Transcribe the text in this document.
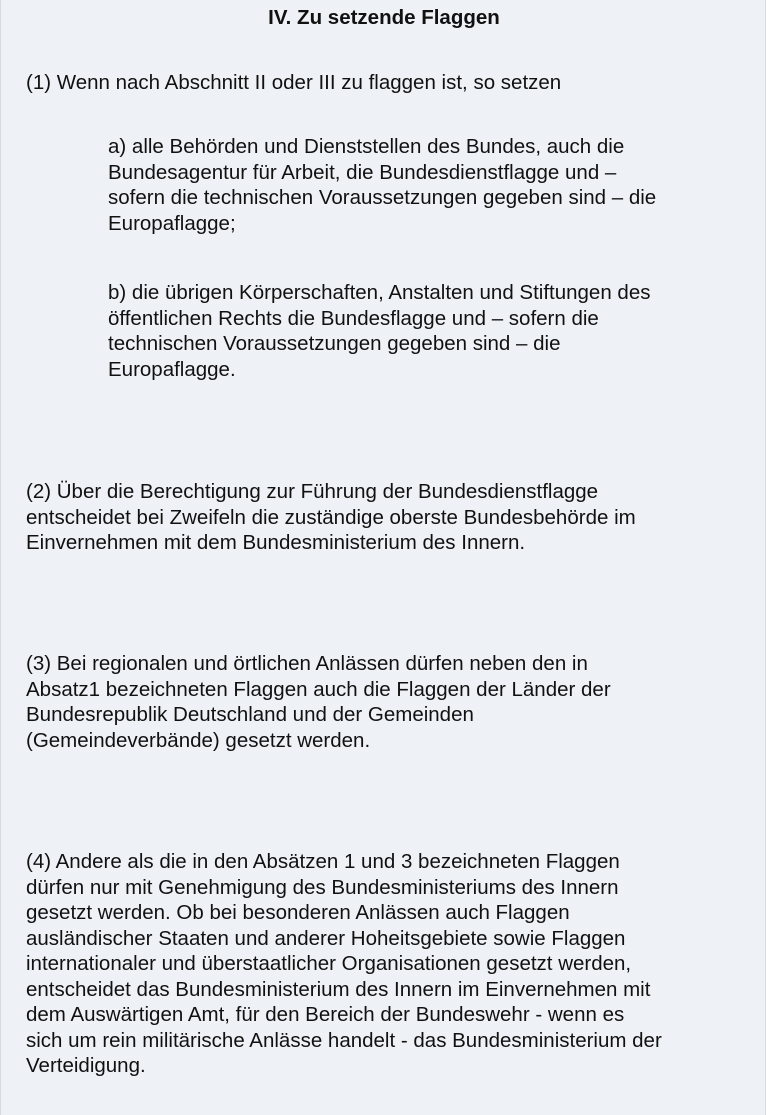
IV. Zu setzende Flaggen

(1) Wenn nach Abschnitt II oder III zu flaggen ist, so setzen

a) alle Behörden und Dienststellen des Bundes, auch die
Bundesagentur für Arbeit, die Bundesdienstflagge und –
sofern die technischen Voraussetzungen gegeben sind – die
Europaflagge;

b) die übrigen Körperschaften, Anstalten und Stiftungen des
öffentlichen Rechts die Bundesflagge und – sofern die
technischen Voraussetzungen gegeben sind – die
Europaflagge.

(2) Über die Berechtigung zur Führung der Bundesdienstflagge
entscheidet bei Zweifeln die zuständige oberste Bundesbehörde im
Einvernehmen mit dem Bundesministerium des Innern.

(3) Bei regionalen und örtlichen Anlässen dürfen neben den in
Absatz1 bezeichneten Flaggen auch die Flaggen der Länder der
Bundesrepublik Deutschland und der Gemeinden
(Gemeindeverbände) gesetzt werden.

(4) Andere als die in den Absätzen 1 und 3 bezeichneten Flaggen
dürfen nur mit Genehmigung des Bundesministeriums des Innern
gesetzt werden. Ob bei besonderen Anlässen auch Flaggen
ausländischer Staaten und anderer Hoheitsgebiete sowie Flaggen
internationaler und überstaatlicher Organisationen gesetzt werden,
entscheidet das Bundesministerium des Innern im Einvernehmen mit
dem Auswärtigen Amt, für den Bereich der Bundeswehr - wenn es
sich um rein militärische Anlässe handelt - das Bundesministerium der
Verteidigung.
